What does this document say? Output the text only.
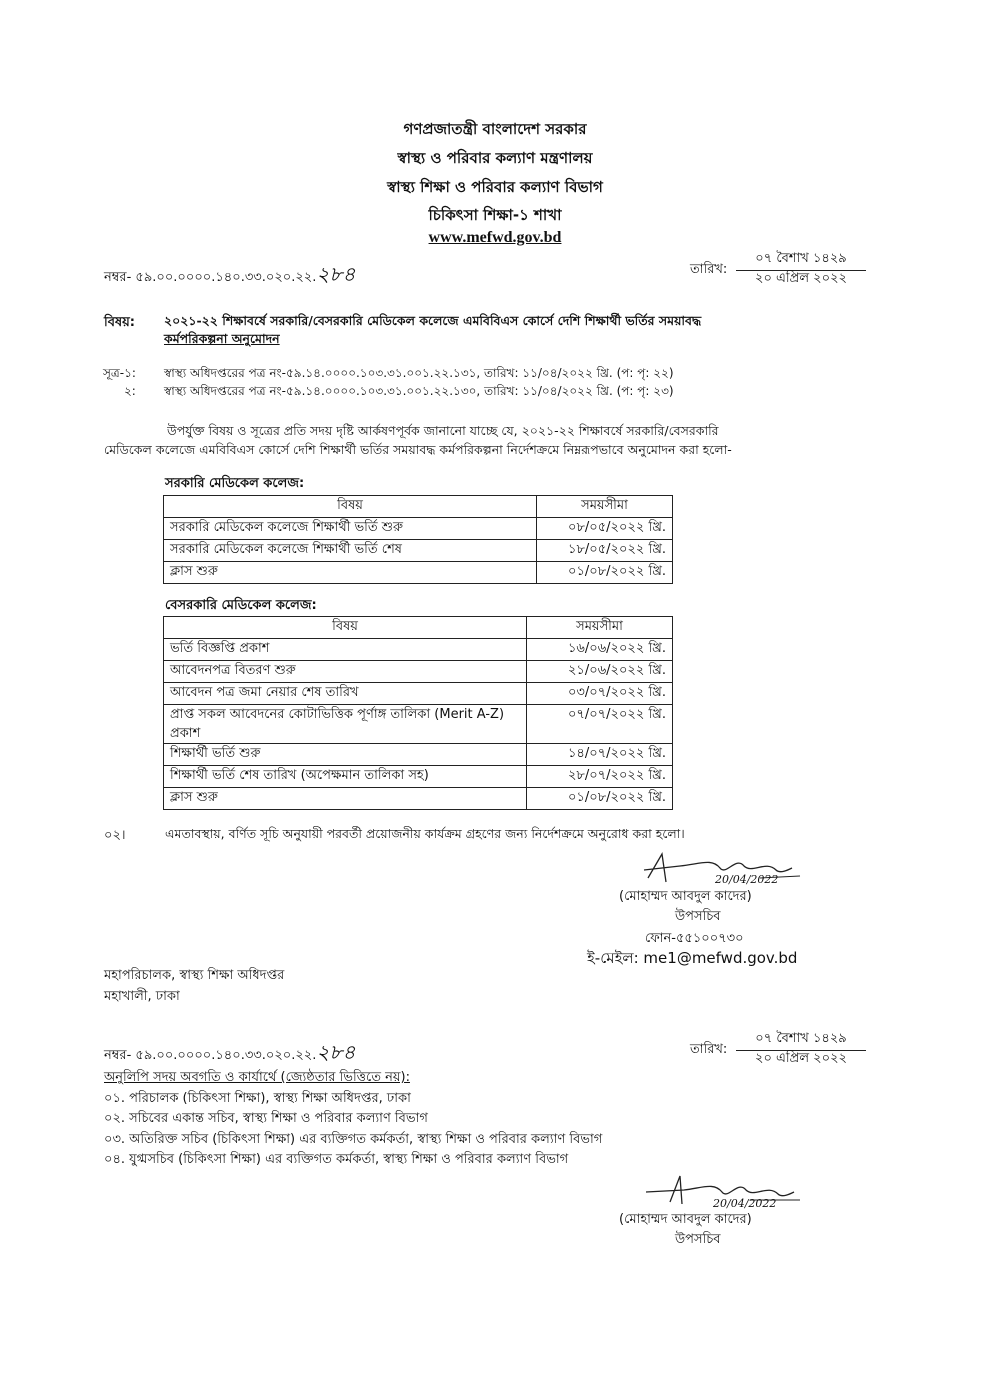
গণপ্রজাতন্ত্রী বাংলাদেশ সরকার
স্বাস্থ্য ও পরিবার কল্যাণ মন্ত্রণালয়
স্বাস্থ্য শিক্ষা ও পরিবার কল্যাণ বিভাগ
চিকিৎসা শিক্ষা-১ শাখা
www.mefwd.gov.bd
নম্বর- ৫৯.০০.০০০০.১৪০.৩৩.০২০.২২.২৮৪	তারিখ:
০৭ বৈশাখ ১৪২৯
২০ এপ্রিল ২০২২
বিষয়: ২০২১-২২ শিক্ষাবর্ষে সরকারি/বেসরকারি মেডিকেল কলেজে এমবিবিএস কোর্সে দেশি শিক্ষার্থী ভর্তির সময়াবদ্ধ
কর্মপরিকল্পনা অনুমোদন
সূত্র-১: স্বাস্থ্য অধিদপ্তরের পত্র নং-৫৯.১৪.০০০০.১০৩.৩১.০০১.২২.১৩১, তারিখ: ১১/০৪/২০২২ খ্রি. (প: পৃ: ২২)
২: স্বাস্থ্য অধিদপ্তরের পত্র নং-৫৯.১৪.০০০০.১০৩.৩১.০০১.২২.১৩০, তারিখ: ১১/০৪/২০২২ খ্রি. (প: পৃ: ২৩)
উপর্যুক্ত বিষয় ও সূত্রের প্রতি সদয় দৃষ্টি আর্কষণপূর্বক জানানো যাচ্ছে যে, ২০২১-২২ শিক্ষাবর্ষে সরকারি/বেসরকারি
মেডিকেল কলেজে এমবিবিএস কোর্সে দেশি শিক্ষার্থী ভর্তির সময়াবদ্ধ কর্মপরিকল্পনা নির্দেশক্রমে নিম্নরূপভাবে অনুমোদন করা হলো-
সরকারি মেডিকেল কলেজ:
বিষয়	সময়সীমা
সরকারি মেডিকেল কলেজে শিক্ষার্থী ভর্তি শুরু	০৮/০৫/২০২২ খ্রি.
সরকারি মেডিকেল কলেজে শিক্ষার্থী ভর্তি শেষ	১৮/০৫/২০২২ খ্রি.
ক্লাস শুরু	০১/০৮/২০২২ খ্রি.
বেসরকারি মেডিকেল কলেজ:
বিষয়	সময়সীমা
ভর্তি বিজ্ঞপ্তি প্রকাশ	১৬/০৬/২০২২ খ্রি.
আবেদনপত্র বিতরণ শুরু	২১/০৬/২০২২ খ্রি.
আবেদন পত্র জমা নেয়ার শেষ তারিখ	০৩/০৭/২০২২ খ্রি.
প্রাপ্ত সকল আবেদনের কোটাভিত্তিক পূর্ণাঙ্গ তালিকা (Merit A-Z) প্রকাশ	০৭/০৭/২০২২ খ্রি.
শিক্ষার্থী ভর্তি শুরু	১৪/০৭/২০২২ খ্রি.
শিক্ষার্থী ভর্তি শেষ তারিখ (অপেক্ষমান তালিকা সহ)	২৮/০৭/২০২২ খ্রি.
ক্লাস শুরু	০১/০৮/২০২২ খ্রি.
০২।	এমতাবস্থায়, বর্ণিত সূচি অনুযায়ী পরবর্তী প্রয়োজনীয় কার্যক্রম গ্রহণের জন্য নির্দেশক্রমে অনুরোধ করা হলো।
20/04/2022
(মোহাম্মদ আবদুল কাদের)
উপসচিব
ফোন-৫৫১০০৭৩০
ই-মেইল: me1@mefwd.gov.bd
মহাপরিচালক, স্বাস্থ্য শিক্ষা অধিদপ্তর
মহাখালী, ঢাকা
নম্বর- ৫৯.০০.০০০০.১৪০.৩৩.০২০.২২.২৮৪	তারিখ:
০৭ বৈশাখ ১৪২৯
২০ এপ্রিল ২০২২
অনুলিপি সদয় অবগতি ও কার্যার্থে (জ্যেষ্ঠতার ভিত্তিতে নয়):
০১. পরিচালক (চিকিৎসা শিক্ষা), স্বাস্থ্য শিক্ষা অধিদপ্তর, ঢাকা
০২. সচিবের একান্ত সচিব, স্বাস্থ্য শিক্ষা ও পরিবার কল্যাণ বিভাগ
০৩. অতিরিক্ত সচিব (চিকিৎসা শিক্ষা) এর ব্যক্তিগত কর্মকর্তা, স্বাস্থ্য শিক্ষা ও পরিবার কল্যাণ বিভাগ
০৪. যুগ্মসচিব (চিকিৎসা শিক্ষা) এর ব্যক্তিগত কর্মকর্তা, স্বাস্থ্য শিক্ষা ও পরিবার কল্যাণ বিভাগ
20/04/2022
(মোহাম্মদ আবদুল কাদের)
উপসচিব
